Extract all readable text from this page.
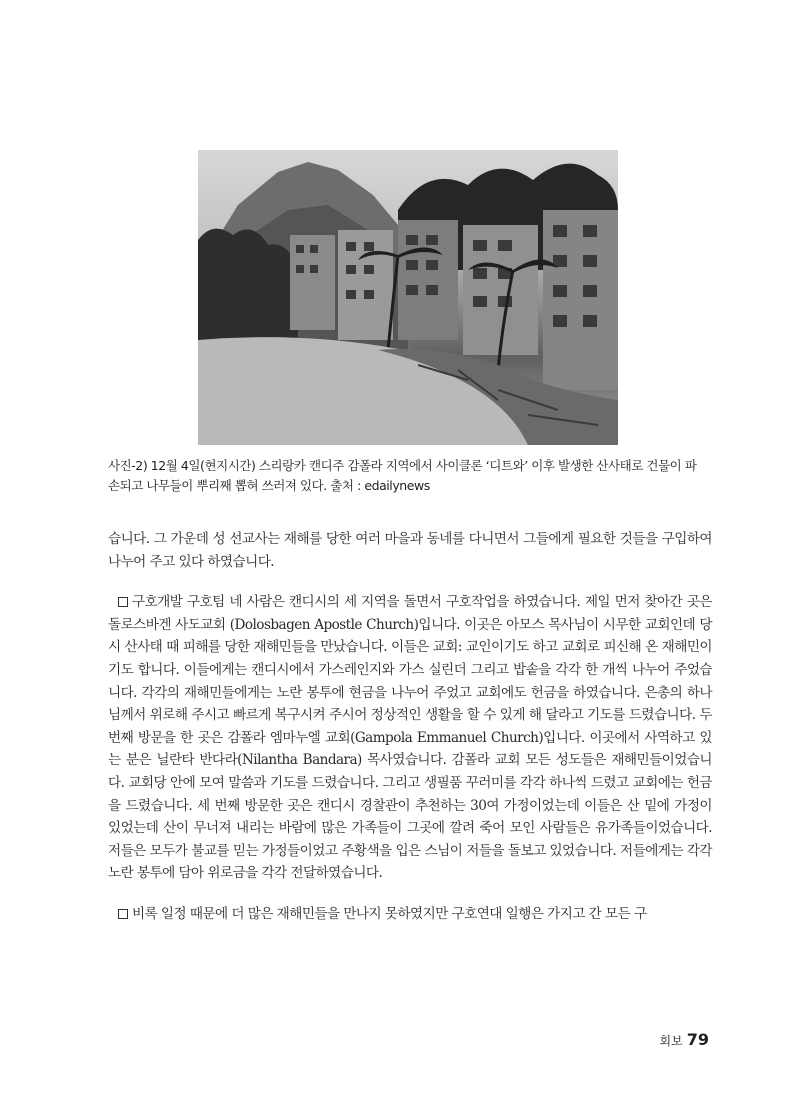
사진-2) 12월 4일(현지시간) 스리랑카 캔디주 감폴라 지역에서 사이클론 ‘디트와’ 이후 발생한 산사태로 건물이 파손되고 나무들이 뿌리째 뽑혀 쓰러져 있다. 출처 : edailynews

습니다. 그 가운데 성 선교사는 재해를 당한 여러 마을과 동네를 다니면서 그들에게 필요한 것들을 구입하여 나누어 주고 있다 하였습니다.

구호개발 구호팀 네 사람은 캔디시의 세 지역을 돌면서 구호작업을 하였습니다. 제일 먼저 찾아간 곳은 돌로스바겐 사도교회 (Dolosbagen Apostle Church)입니다. 이곳은 아모스 목사님이 시무한 교회인데 당시 산사태 때 피해를 당한 재해민들을 만났습니다. 이들은 교회: 교인이기도 하고 교회로 피신해 온 재해민이기도 합니다. 이들에게는 캔디시에서 가스레인지와 가스 실린더 그리고 밥솥을 각각 한 개씩 나누어 주었습니다. 각각의 재해민들에게는 노란 봉투에 현금을 나누어 주었고 교회에도 헌금을 하였습니다. 은총의 하나님께서 위로해 주시고 빠르게 복구시켜 주시어 정상적인 생활을 할 수 있게 해 달라고 기도를 드렸습니다. 두 번째 방문을 한 곳은 감폴라 엠마누엘 교회(Gampola Emmanuel Church)입니다. 이곳에서 사역하고 있는 분은 닐란타 반다라(Nilantha Bandara) 목사였습니다. 감폴라 교회 모든 성도들은 재해민들이었습니다. 교회당 안에 모여 말씀과 기도를 드렸습니다. 그리고 생필품 꾸러미를 각각 하나씩 드렸고 교회에는 헌금을 드렸습니다. 세 번째 방문한 곳은 캔디시 경찰관이 추천하는 30여 가정이었는데 이들은 산 밑에 가정이 있었는데 산이 무너져 내리는 바람에 많은 가족들이 그곳에 깔려 죽어 모인 사람들은 유가족들이었습니다. 저들은 모두가 불교를 믿는 가정들이었고 주황색을 입은 스님이 저들을 돌보고 있었습니다. 저들에게는 각각 노란 봉투에 담아 위로금을 각각 전달하였습니다.

비록 일정 때문에 더 많은 재해민들을 만나지 못하였지만 구호연대 일행은 가지고 간 모든 구

회보 79
